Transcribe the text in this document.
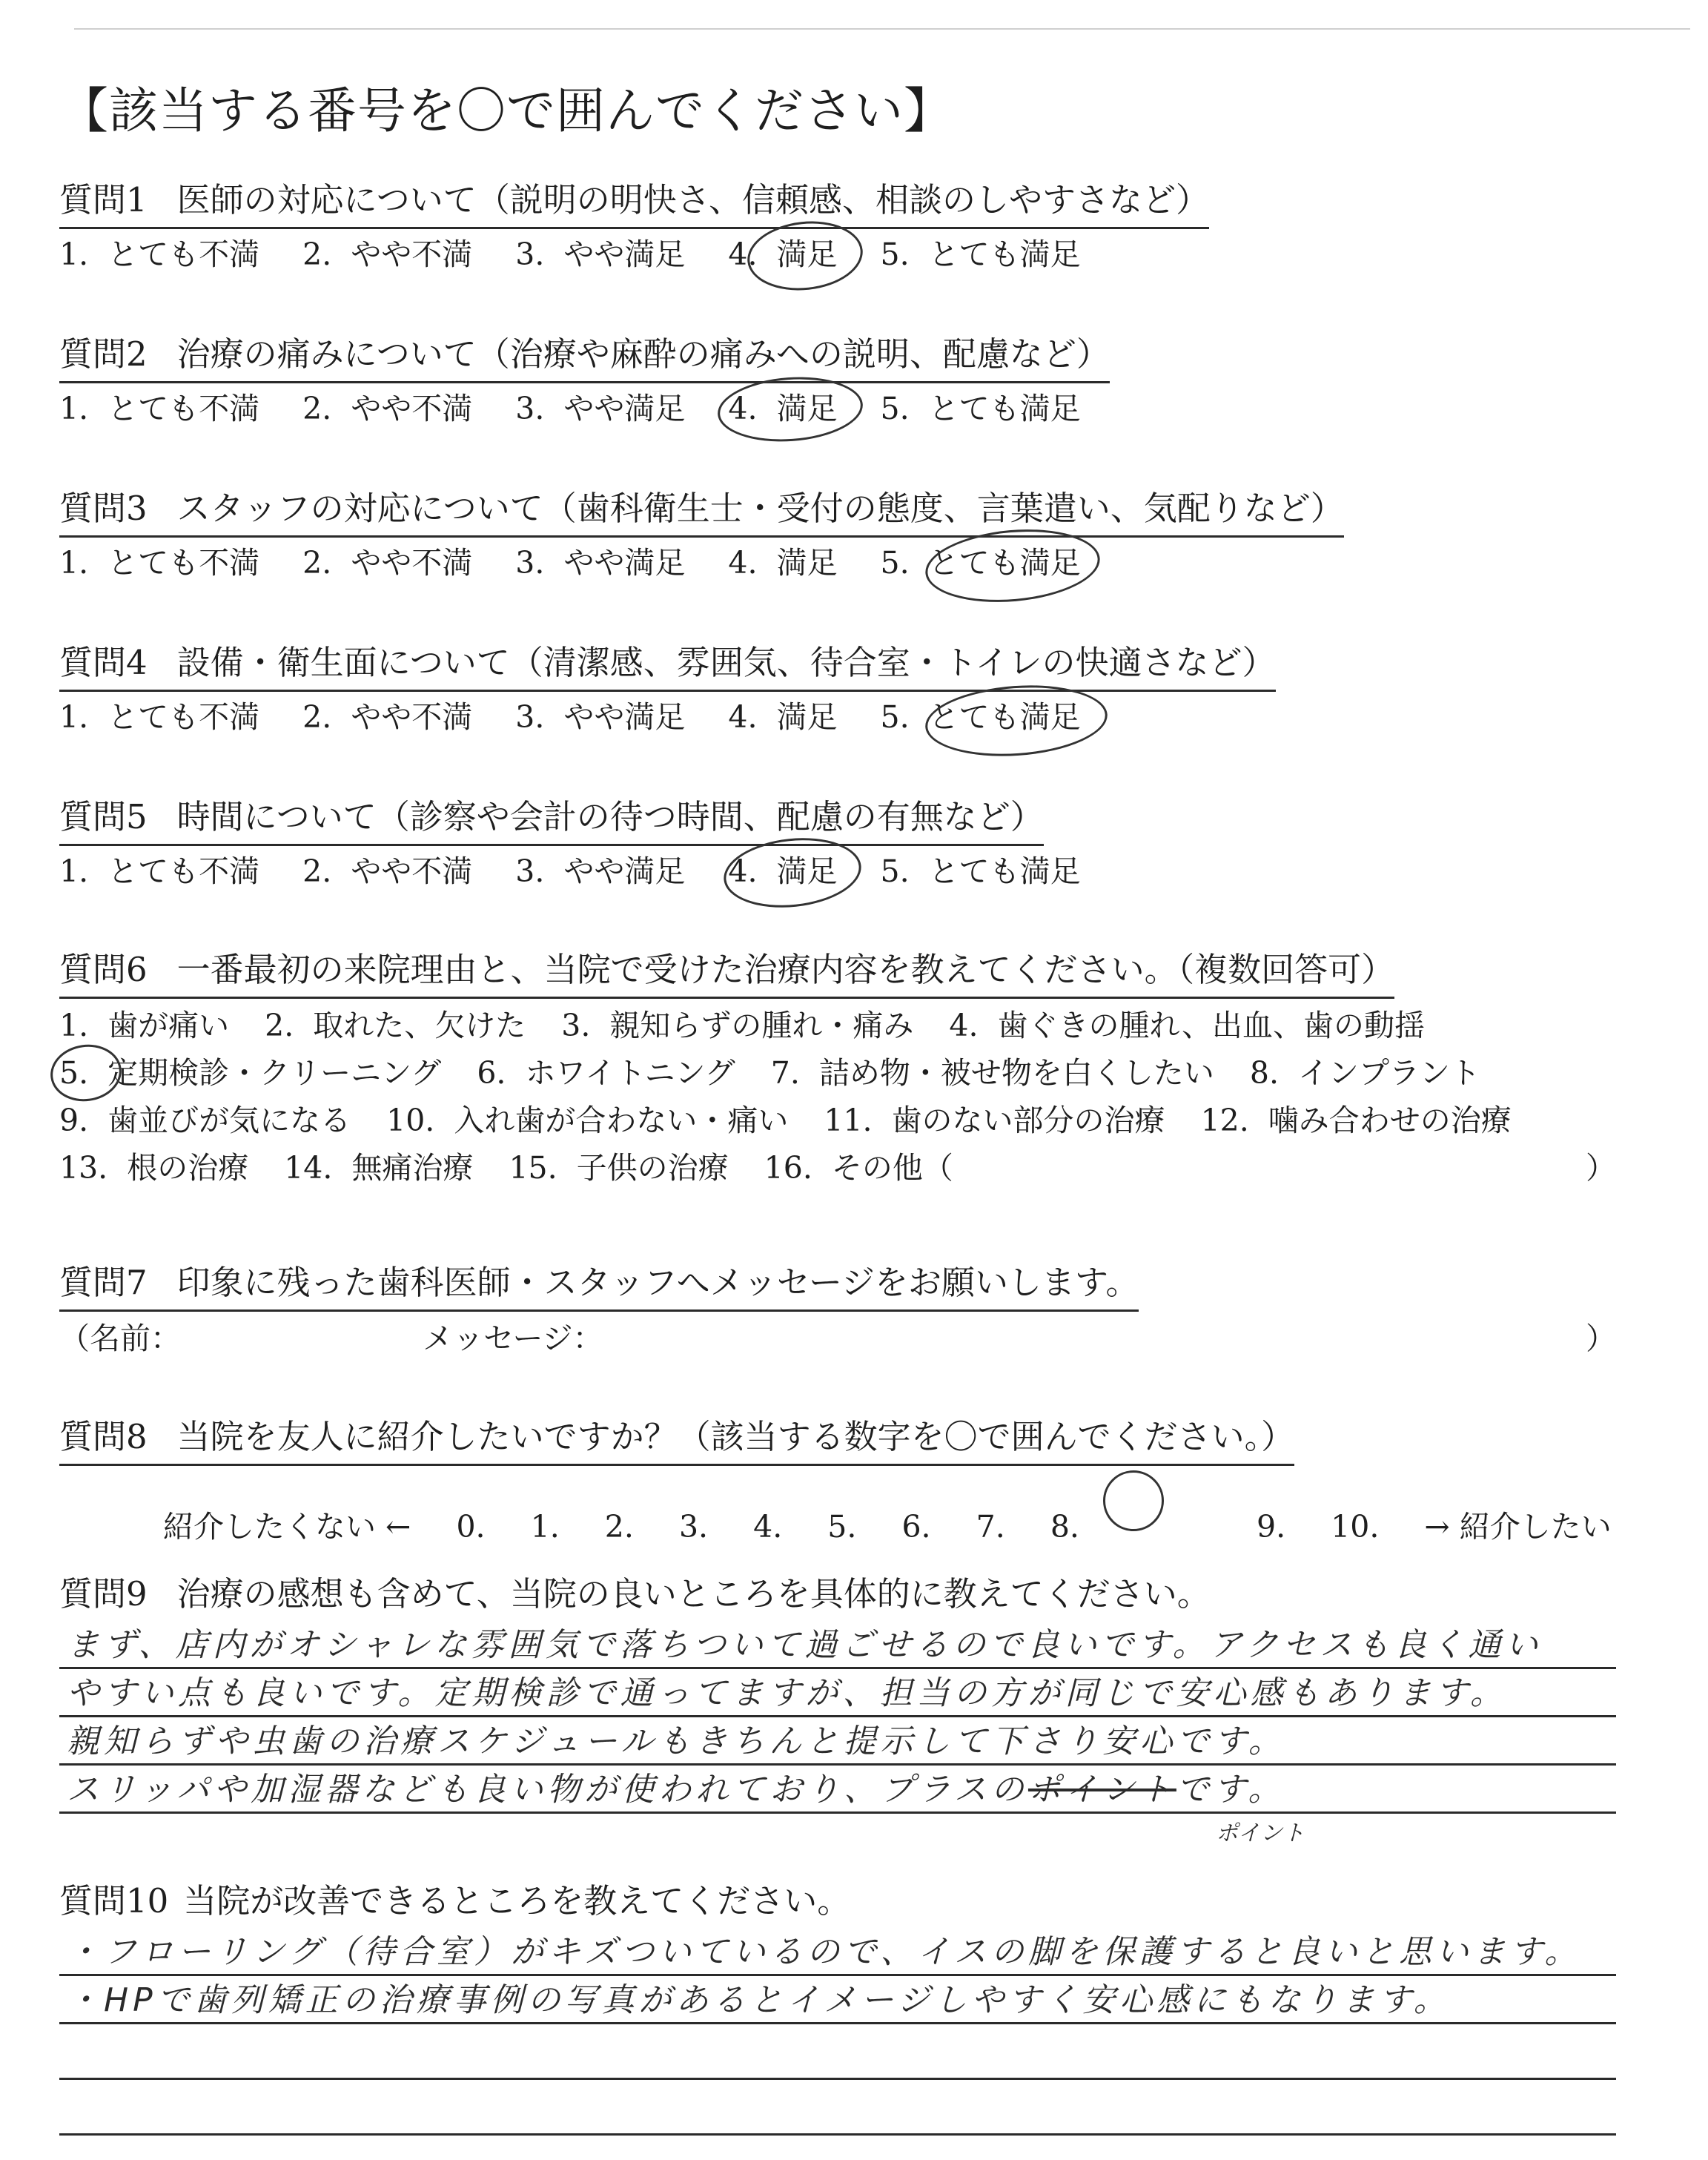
【該当する番号を〇で囲んでください】
質問1 医師の対応について（説明の明快さ、信頼感、相談のしやすさなど）
1. とても不満 2. やや不満 3. やや満足 4. 満足 5. とても満足
質問2 治療の痛みについて（治療や麻酔の痛みへの説明、配慮など）
1. とても不満 2. やや不満 3. やや満足 4. 満足 5. とても満足
質問3 スタッフの対応について（歯科衛生士・受付の態度、言葉遣い、気配りなど）
1. とても不満 2. やや不満 3. やや満足 4. 満足 5. とても満足
質問4 設備・衛生面について（清潔感、雰囲気、待合室・トイレの快適さなど）
1. とても不満 2. やや不満 3. やや満足 4. 満足 5. とても満足
質問5 時間について（診察や会計の待つ時間、配慮の有無など）
1. とても不満 2. やや不満 3. やや満足 4. 満足 5. とても満足
質問6 一番最初の来院理由と、当院で受けた治療内容を教えてください。（複数回答可）
1. 歯が痛い 2. 取れた、欠けた 3. 親知らずの腫れ・痛み 4. 歯ぐきの腫れ、出血、歯の動揺
5. 定期検診・クリーニング 6. ホワイトニング 7. 詰め物・被せ物を白くしたい 8. インプラント
9. 歯並びが気になる 10. 入れ歯が合わない・痛い 11. 歯のない部分の治療 12. 噛み合わせの治療
13. 根の治療 14. 無痛治療 15. 子供の治療 16. その他（	）
質問7 印象に残った歯科医師・スタッフへメッセージをお願いします。
（名前：	メッセージ：	）
質問8 当院を友人に紹介したいですか？（該当する数字を〇で囲んでください。）
紹介したくない ← 0. 1. 2. 3. 4. 5. 6. 7. 8.	9. 10. → 紹介したい
質問9 治療の感想も含めて、当院の良いところを具体的に教えてください。
まず、店内がオシャレな雰囲気で落ちついて過ごせるので良いです。アクセスも良く通い
やすい点も良いです。定期検診で通ってますが、担当の方が同じで安心感もあります。
親知らずや虫歯の治療スケジュールもきちんと提示して下さり安心です。
スリッパや加湿器なども良い物が使われており、プラスのポイントです。
ポイント
質問10 当院が改善できるところを教えてください。
・フローリング（待合室）がキズついているので、イスの脚を保護すると良いと思います。
・HPで歯列矯正の治療事例の写真があるとイメージしやすく安心感にもなります。
